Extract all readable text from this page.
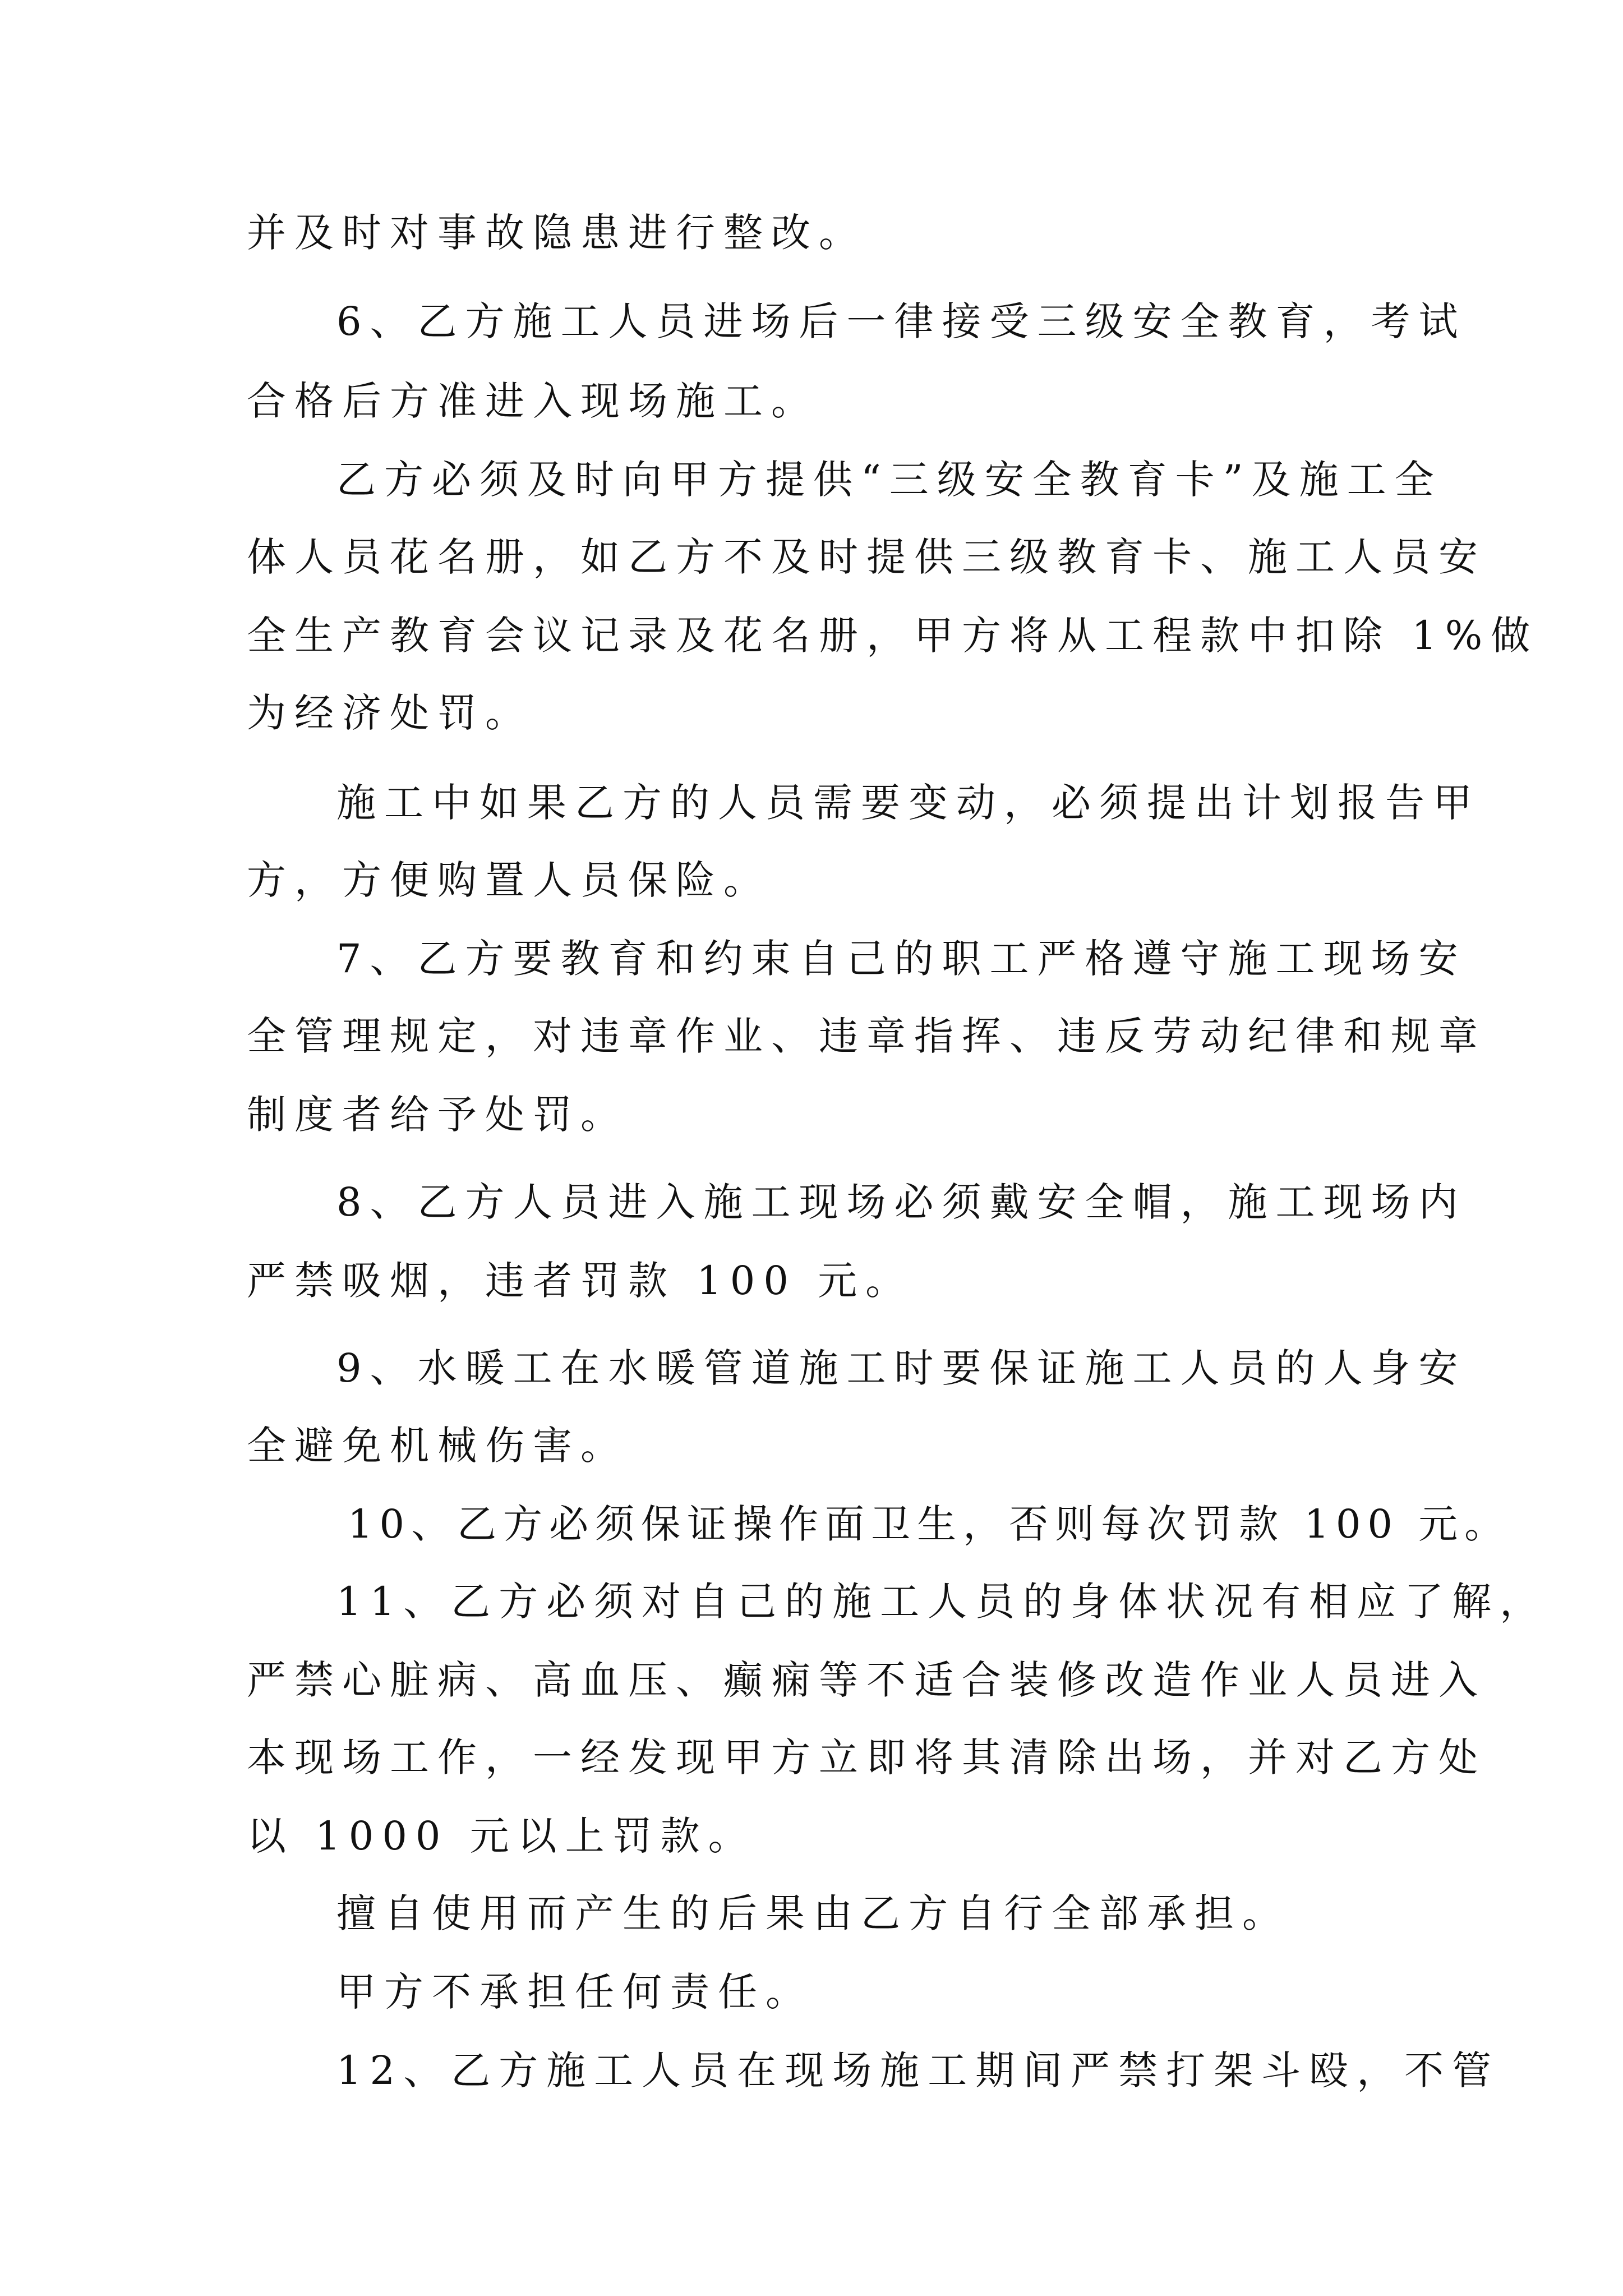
并及时对事故隐患进行整改。
6、乙方施工人员进场后一律接受三级安全教育，考试
合格后方准进入现场施工。
乙方必须及时向甲方提供“三级安全教育卡”及施工全
体人员花名册，如乙方不及时提供三级教育卡、施工人员安
全生产教育会议记录及花名册，甲方将从工程款中扣除 1%做
为经济处罚。
施工中如果乙方的人员需要变动，必须提出计划报告甲
方，方便购置人员保险。
7、乙方要教育和约束自己的职工严格遵守施工现场安
全管理规定，对违章作业、违章指挥、违反劳动纪律和规章
制度者给予处罚。
8、乙方人员进入施工现场必须戴安全帽，施工现场内
严禁吸烟，违者罚款 100 元。
9、水暖工在水暖管道施工时要保证施工人员的人身安
全避免机械伤害。
10、乙方必须保证操作面卫生，否则每次罚款 100 元。
11、乙方必须对自己的施工人员的身体状况有相应了解，
严禁心脏病、高血压、癫痫等不适合装修改造作业人员进入
本现场工作，一经发现甲方立即将其清除出场，并对乙方处
以 1000 元以上罚款。
擅自使用而产生的后果由乙方自行全部承担。
甲方不承担任何责任。
12、乙方施工人员在现场施工期间严禁打架斗殴，不管
